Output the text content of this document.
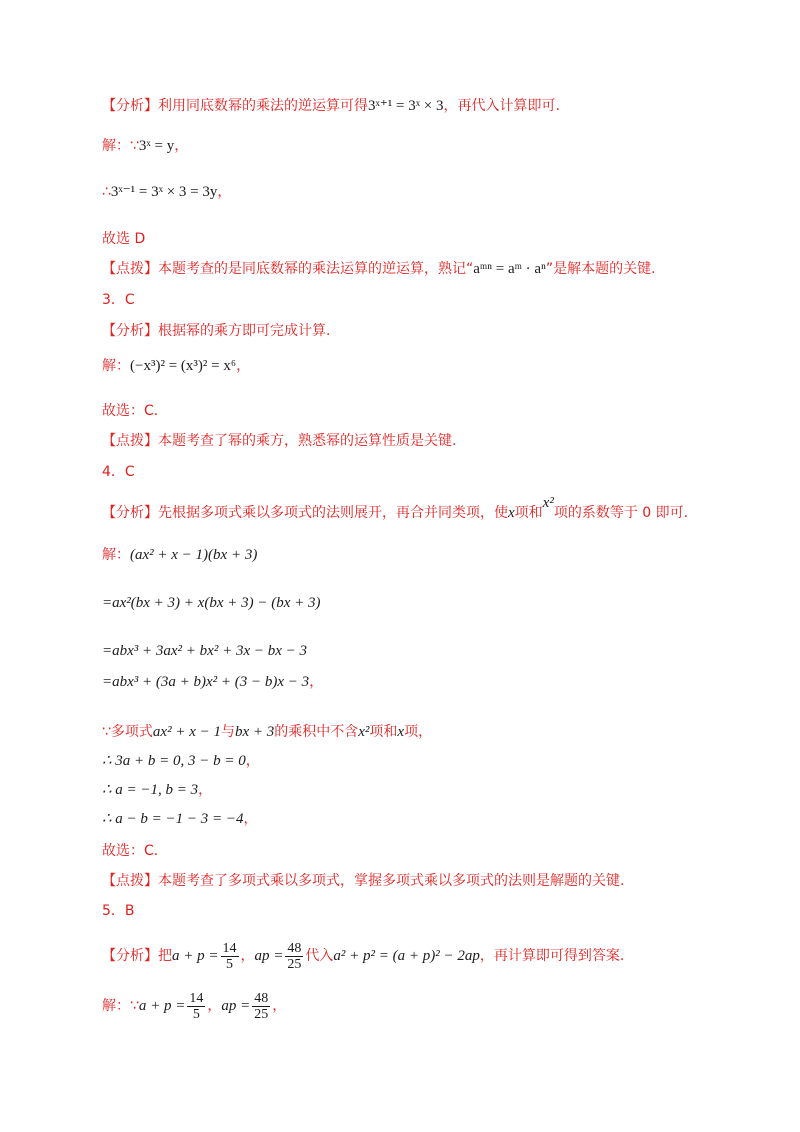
【分析】利用同底数幂的乘法的逆运算可得3ˣ⁺¹ = 3ˣ × 3，再代入计算即可.
解：∵3ˣ = y，
∴3ˣ⁻¹ = 3ˣ × 3 = 3y，
故选 D
【点拨】本题考查的是同底数幂的乘法运算的逆运算，熟记“aᵐⁿ = aᵐ · aⁿ”是解本题的关键.
3．C
【分析】根据幂的乘方即可完成计算.
解：(−x³)² = (x³)² = x⁶，
故选：C.
【点拨】本题考查了幂的乘方，熟悉幂的运算性质是关键.
4．C
【分析】先根据多项式乘以多项式的法则展开，再合并同类项，使x项和x²项的系数等于 0 即可.
解：(ax² + x − 1)(bx + 3)
=ax²(bx + 3) + x(bx + 3) − (bx + 3)
=abx³ + 3ax² + bx² + 3x − bx − 3
=abx³ + (3a + b)x² + (3 − b)x − 3，
∵多项式ax² + x − 1与bx + 3的乘积中不含x²项和x项，
∴ 3a + b = 0, 3 − b = 0，
∴ a = −1, b = 3，
∴ a − b = −1 − 3 = −4，
故选：C.
【点拨】本题考查了多项式乘以多项式，掌握多项式乘以多项式的法则是解题的关键.
5．B
【分析】把$a + p = \frac{14}{5}$ ，ap = $\frac{48}{25}$ 代入a² + p² = (a + p)² − 2ap，再计算即可得到答案.
解：∵a + $p = \frac{14}{5}$ ，ap = $\frac{48}{25}$ ，
